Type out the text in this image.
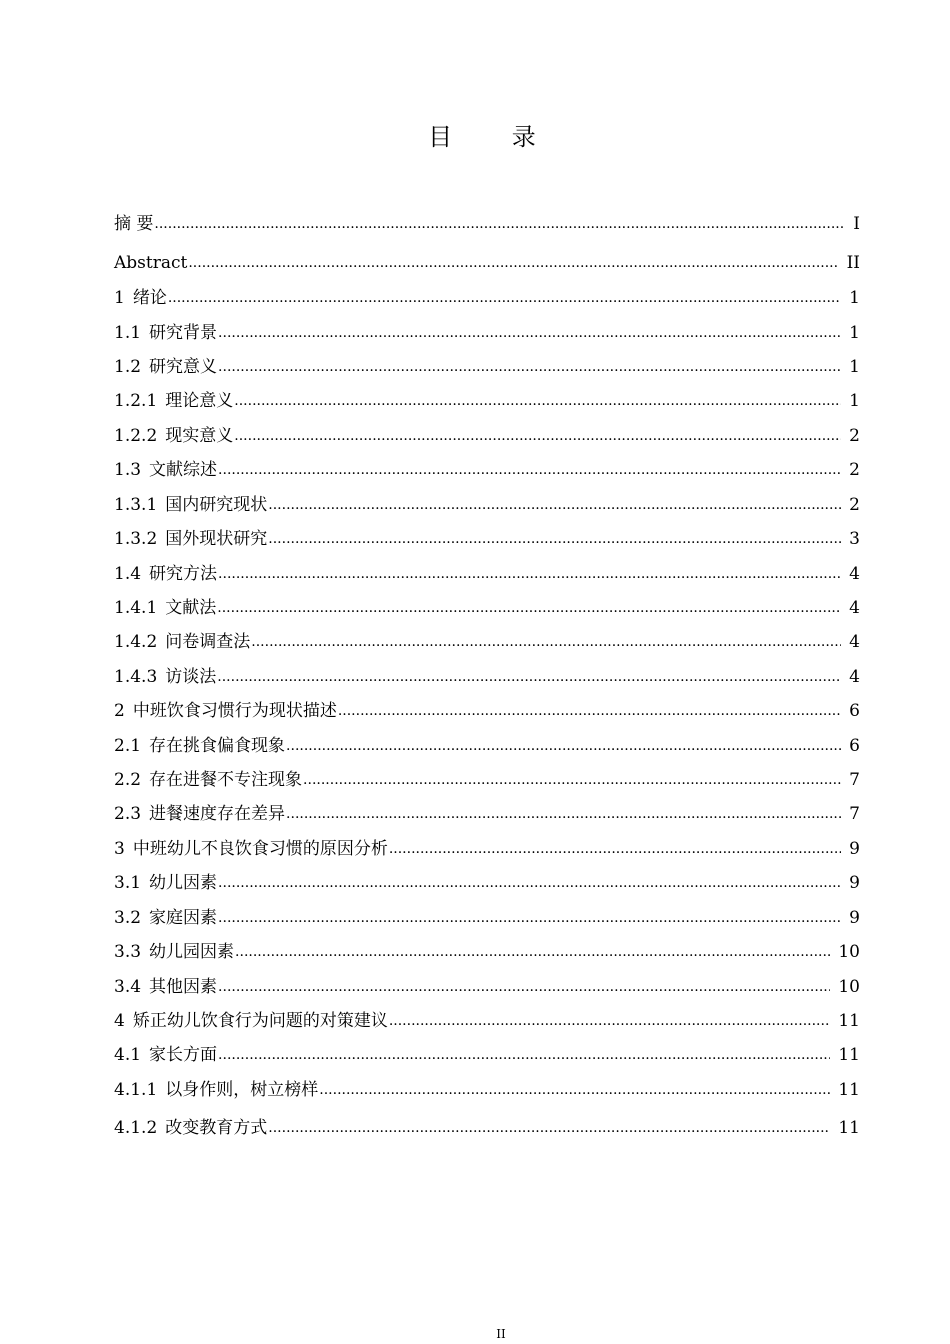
目 录
摘 要 .....	I
Abstract .....	II
1 绪论 .....	1
1.1 研究背景 .....	1
1.2 研究意义 .....	1
1.2.1 理论意义 .....	1
1.2.2 现实意义 .....	2
1.3 文献综述 .....	2
1.3.1 国内研究现状 .....	2
1.3.2 国外现状研究 .....	3
1.4 研究方法 .....	4
1.4.1 文献法 .....	4
1.4.2 问卷调查法 .....	4
1.4.3 访谈法 .....	4
2 中班饮食习惯行为现状描述 .....	6
2.1 存在挑食偏食现象 .....	6
2.2 存在进餐不专注现象 .....	7
2.3 进餐速度存在差异 .....	7
3 中班幼儿不良饮食习惯的原因分析 .....	9
3.1 幼儿因素 .....	9
3.2 家庭因素 .....	9
3.3 幼儿园因素 .....	10
3.4 其他因素 .....	10
4 矫正幼儿饮食行为问题的对策建议 .....	11
4.1 家长方面 .....	11
4.1.1 以身作则，树立榜样 .....	11
4.1.2 改变教育方式 .....	11
II
